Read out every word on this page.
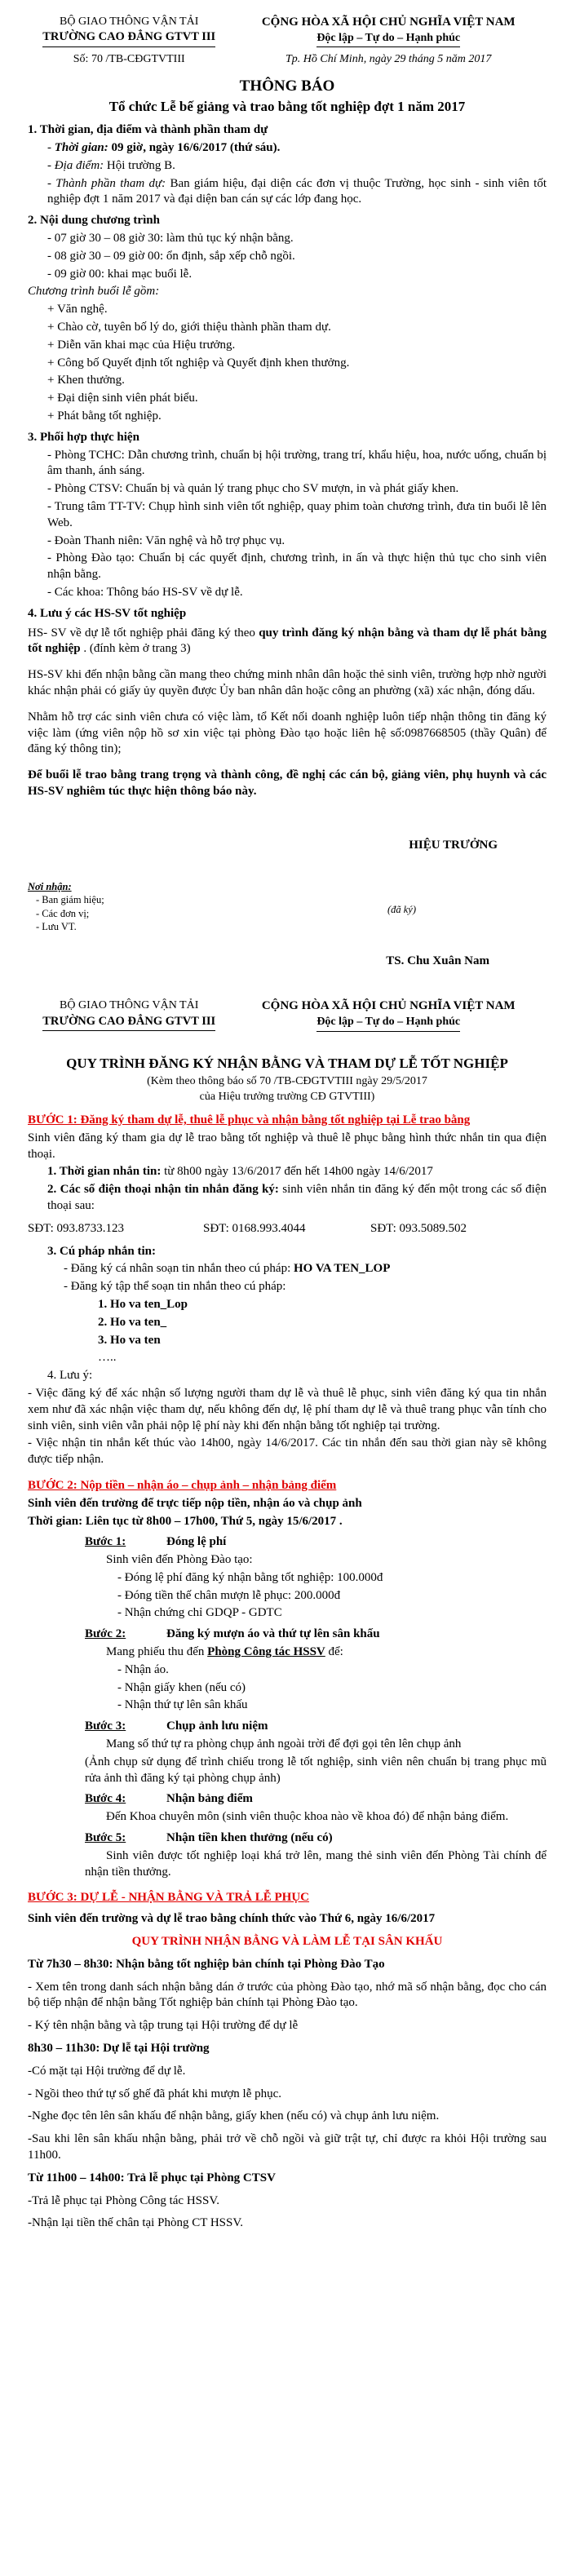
BỘ GIAO THÔNG VẬN TẢI
TRƯỜNG CAO ĐẲNG GTVT III
CỘNG HÒA XÃ HỘI CHỦ NGHĨA VIỆT NAM
Độc lập – Tự do – Hạnh phúc
Số: 70 /TB-CĐGTVTIII	Tp. Hồ Chí Minh, ngày 29 tháng 5 năm 2017
THÔNG BÁO
Tổ chức Lễ bế giảng và trao bằng tốt nghiệp đợt 1 năm 2017
1. Thời gian, địa điểm và thành phần tham dự
- Thời gian: 09 giờ, ngày 16/6/2017 (thứ sáu).
- Địa điểm: Hội trường B.
- Thành phần tham dự: Ban giám hiệu, đại diện các đơn vị thuộc Trường, học sinh - sinh viên tốt nghiệp đợt 1 năm 2017 và đại diện ban cán sự các lớp đang học.
2. Nội dung chương trình
- 07 giờ 30 – 08 giờ 30: làm thủ tục ký nhận bằng.
- 08 giờ 30 – 09 giờ 00: ổn định, sắp xếp chỗ ngồi.
- 09 giờ 00: khai mạc buổi lễ.
Chương trình buổi lễ gồm:
+ Văn nghệ.
+ Chào cờ, tuyên bố lý do, giới thiệu thành phần tham dự.
+ Diễn văn khai mạc của Hiệu trưởng.
+ Công bố Quyết định tốt nghiệp và Quyết định khen thưởng.
+ Khen thưởng.
+ Đại diện sinh viên phát biểu.
+ Phát bằng tốt nghiệp.
3. Phối hợp thực hiện
- Phòng TCHC: Dẫn chương trình, chuẩn bị hội trường, trang trí, khẩu hiệu, hoa, nước uống, chuẩn bị âm thanh, ánh sáng.
- Phòng CTSV: Chuẩn bị và quản lý trang phục cho SV mượn, in và phát giấy khen.
- Trung tâm TT-TV: Chụp hình sinh viên tốt nghiệp, quay phim toàn chương trình, đưa tin buổi lễ lên Web.
- Đoàn Thanh niên: Văn nghệ và hỗ trợ phục vụ.
- Phòng Đào tạo: Chuẩn bị các quyết định, chương trình, in ấn và thực hiện thủ tục cho sinh viên nhận bằng.
- Các khoa: Thông báo HS-SV về dự lễ.
4. Lưu ý các HS-SV tốt nghiệp
HS- SV về dự lễ tốt nghiệp phải đăng ký theo quy trình đăng ký nhận bằng và tham dự lễ phát bằng tốt nghiệp . (đính kèm ở trang 3)
HS-SV khi đến nhận bằng cần mang theo chứng minh nhân dân hoặc thẻ sinh viên, trường hợp nhờ người khác nhận phải có giấy ủy quyền được Ủy ban nhân dân hoặc công an phường (xã) xác nhận, đóng dấu.
Nhằm hỗ trợ các sinh viên chưa có việc làm, tổ Kết nối doanh nghiệp luôn tiếp nhận thông tin đăng ký việc làm (ứng viên nộp hồ sơ xin việc tại phòng Đào tạo hoặc liên hệ số:0987668505 (thầy Quân) để đăng ký thông tin);
Để buổi lễ trao bằng trang trọng và thành công, đề nghị các cán bộ, giảng viên, phụ huynh và các HS-SV nghiêm túc thực hiện thông báo này.
HIỆU TRƯỞNG
Nơi nhận:
- Ban giám hiệu;
- Các đơn vị;
- Lưu VT.
(đã ký)
TS. Chu Xuân Nam
BỘ GIAO THÔNG VẬN TẢI
TRƯỜNG CAO ĐẲNG GTVT III
CỘNG HÒA XÃ HỘI CHỦ NGHĨA VIỆT NAM
Độc lập – Tự do – Hạnh phúc
QUY TRÌNH ĐĂNG KÝ NHẬN BẰNG VÀ THAM DỰ LỄ TỐT NGHIỆP
(Kèm theo thông báo số 70 /TB-CĐGTVTIII ngày 29/5/2017
của Hiệu trưởng trường CĐ GTVTIII)
BƯỚC 1: Đăng ký tham dự lễ, thuê lễ phục và nhận bằng tốt nghiệp tại Lễ trao bằng
Sinh viên đăng ký tham gia dự lễ trao bằng tốt nghiệp và thuê lễ phục bằng hình thức nhắn tin qua điện thoại.
1. Thời gian nhắn tin: từ 8h00 ngày 13/6/2017 đến hết 14h00 ngày 14/6/2017
2. Các số điện thoại nhận tin nhắn đăng ký: sinh viên nhắn tin đăng ký đến một trong các số điện thoại sau:
SĐT: 093.8733.123	SĐT: 0168.993.4044	SĐT: 093.5089.502
3. Cú pháp nhắn tin:
- Đăng ký cá nhân soạn tin nhắn theo cú pháp: HO VA TEN_LOP
- Đăng ký tập thể soạn tin nhắn theo cú pháp:
1. Ho va ten_Lop
2. Ho va ten_
3. Ho va ten
…..
4. Lưu ý:
- Việc đăng ký để xác nhận số lượng người tham dự lễ và thuê lễ phục, sinh viên đăng ký qua tin nhắn xem như đã xác nhận việc tham dự, nếu không đến dự, lệ phí tham dự lễ và thuê trang phục vẫn tính cho sinh viên, sinh viên vẫn phải nộp lệ phí này khi đến nhận bằng tốt nghiệp tại trường.
- Việc nhận tin nhắn kết thúc vào 14h00, ngày 14/6/2017. Các tin nhắn đến sau thời gian này sẽ không được tiếp nhận.
BƯỚC 2: Nộp tiền – nhận áo – chụp ảnh – nhận bảng điểm
Sinh viên đến trường để trực tiếp nộp tiền, nhận áo và chụp ảnh
Thời gian: Liên tục từ 8h00 – 17h00, Thứ 5, ngày 15/6/2017 .
Bước 1:	Đóng lệ phí
Sinh viên đến Phòng Đào tạo:
- Đóng lệ phí đăng ký nhận bằng tốt nghiệp: 100.000đ
- Đóng tiền thế chân mượn lễ phục: 200.000đ
- Nhận chứng chỉ GDQP - GDTC
Bước 2:	Đăng ký mượn áo và thứ tự lên sân khấu
Mang phiếu thu đến Phòng Công tác HSSV để:
- Nhận áo.
- Nhận giấy khen (nếu có)
- Nhận thứ tự lên sân khấu
Bước 3:	Chụp ảnh lưu niệm
Mang số thứ tự ra phòng chụp ảnh ngoài trời để đợi gọi tên lên chụp ảnh
(Ảnh chụp sử dụng để trình chiếu trong lễ tốt nghiệp, sinh viên nên chuẩn bị trang phục mũ rửa ảnh thì đăng ký tại phòng chụp ảnh)
Bước 4:	Nhận bảng điểm
Đến Khoa chuyên môn (sinh viên thuộc khoa nào về khoa đó) để nhận bảng điểm.
Bước 5:	Nhận tiền khen thưởng (nếu có)
Sinh viên được tốt nghiệp loại khá trở lên, mang thẻ sinh viên đến Phòng Tài chính để nhận tiền thưởng.
BƯỚC 3: DỰ LỄ - NHẬN BẰNG VÀ TRẢ LỄ PHỤC
Sinh viên đến trường và dự lễ trao bằng chính thức vào Thứ 6, ngày 16/6/2017
QUY TRÌNH NHẬN BẰNG VÀ LÀM LỄ TẠI SÂN KHẤU
Từ 7h30 – 8h30: Nhận bằng tốt nghiệp bản chính tại Phòng Đào Tạo
- Xem tên trong danh sách nhận bằng dán ở trước của phòng Đào tạo, nhớ mã số nhận bằng, đọc cho cán bộ tiếp nhận để nhận bằng Tốt nghiệp bản chính tại Phòng Đào tạo.
- Ký tên nhận bằng và tập trung tại Hội trường để dự lễ
8h30 – 11h30: Dự lễ tại Hội trường
-Có mặt tại Hội trường để dự lễ.
- Ngồi theo thứ tự số ghế đã phát khi mượn lễ phục.
-Nghe đọc tên lên sân khấu để nhận bằng, giấy khen (nếu có) và chụp ảnh lưu niệm.
-Sau khi lên sân khấu nhận bằng, phải trở về chỗ ngồi và giữ trật tự, chỉ được ra khỏi Hội trường sau 11h00.
Từ 11h00 – 14h00: Trả lễ phục tại Phòng CTSV
-Trả lễ phục tại Phòng Công tác HSSV.
-Nhận lại tiền thế chân tại Phòng CT HSSV.
